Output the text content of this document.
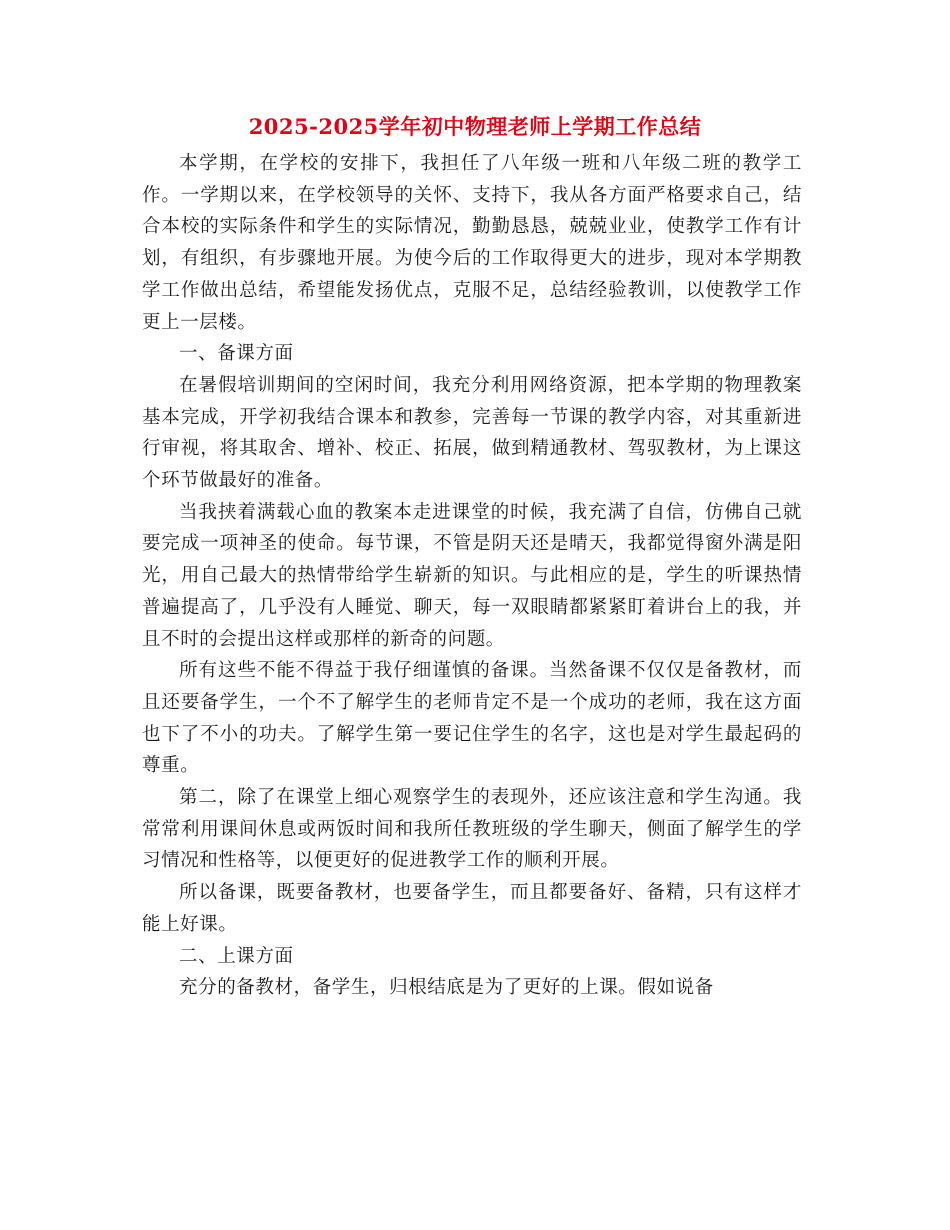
2025-2025学年初中物理老师上学期工作总结

本学期，在学校的安排下，我担任了八年级一班和八年级二班的教学工作。一学期以来，在学校领导的关怀、支持下，我从各方面严格要求自己，结合本校的实际条件和学生的实际情况，勤勤恳恳，兢兢业业，使教学工作有计划，有组织，有步骤地开展。为使今后的工作取得更大的进步，现对本学期教学工作做出总结，希望能发扬优点，克服不足，总结经验教训，以使教学工作更上一层楼。

一、备课方面

在暑假培训期间的空闲时间，我充分利用网络资源，把本学期的物理教案基本完成，开学初我结合课本和教参，完善每一节课的教学内容，对其重新进行审视，将其取舍、增补、校正、拓展，做到精通教材、驾驭教材，为上课这个环节做最好的准备。

当我挟着满载心血的教案本走进课堂的时候，我充满了自信，仿佛自己就要完成一项神圣的使命。每节课，不管是阴天还是晴天，我都觉得窗外满是阳光，用自己最大的热情带给学生崭新的知识。与此相应的是，学生的听课热情普遍提高了，几乎没有人睡觉、聊天，每一双眼睛都紧紧盯着讲台上的我，并且不时的会提出这样或那样的新奇的问题。

所有这些不能不得益于我仔细谨慎的备课。当然备课不仅仅是备教材，而且还要备学生，一个不了解学生的老师肯定不是一个成功的老师，我在这方面也下了不小的功夫。了解学生第一要记住学生的名字，这也是对学生最起码的尊重。

第二，除了在课堂上细心观察学生的表现外，还应该注意和学生沟通。我常常利用课间休息或两饭时间和我所任教班级的学生聊天，侧面了解学生的学习情况和性格等，以便更好的促进教学工作的顺利开展。

所以备课，既要备教材，也要备学生，而且都要备好、备精，只有这样才能上好课。

二、上课方面

充分的备教材，备学生，归根结底是为了更好的上课。假如说备
